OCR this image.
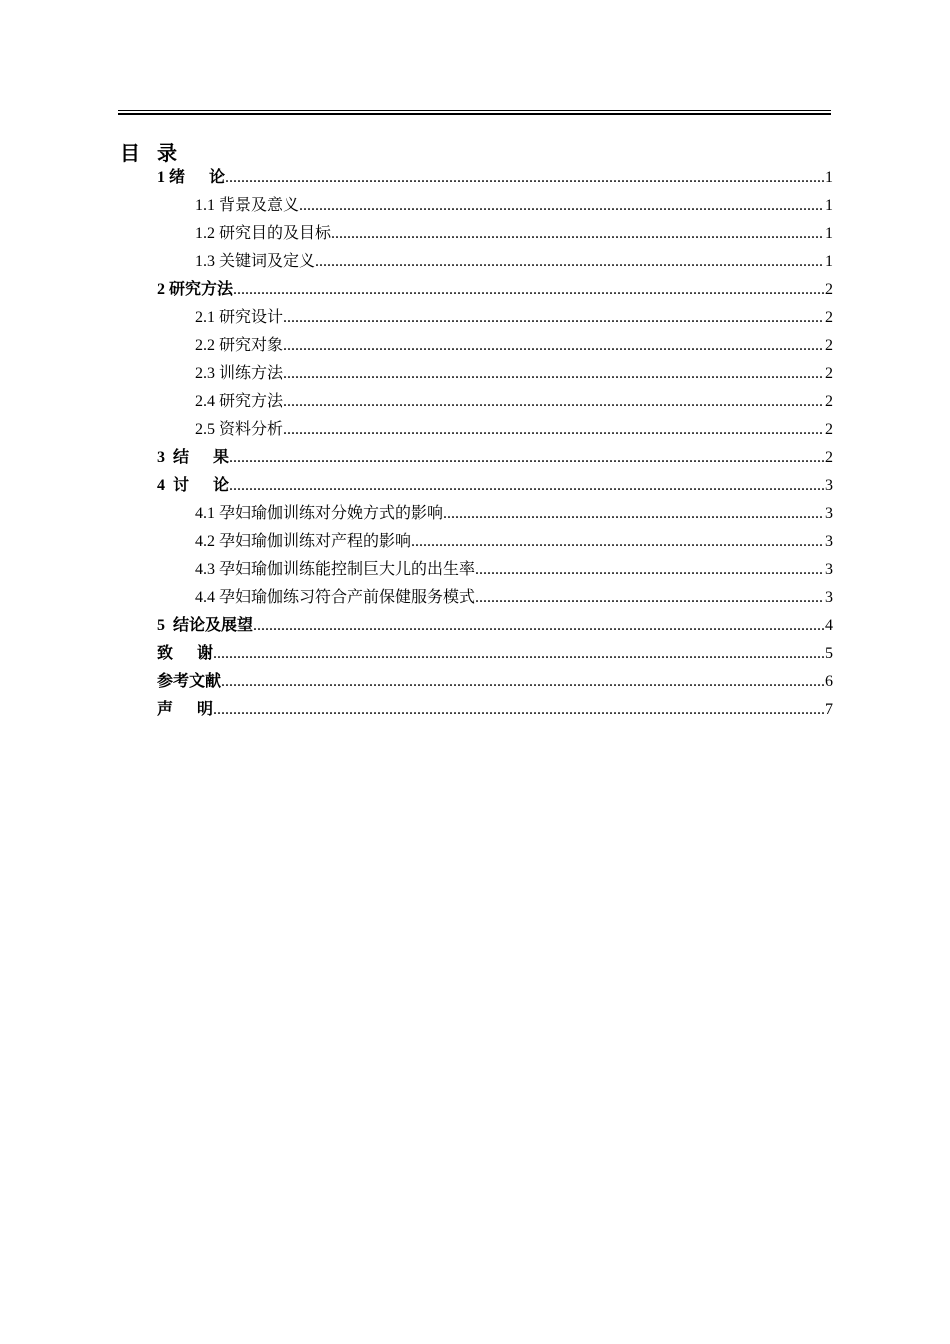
目 录
1 绪      论 .....	1
1.1 背景及意义 .....	1
1.2 研究目的及目标 .....	1
1.3 关键词及定义 .....	1
2 研究方法 .....	2
2.1 研究设计 .....	2
2.2 研究对象 .....	2
2.3 训练方法 .....	2
2.4 研究方法 .....	2
2.5 资料分析 .....	2
3  结      果 .....	2
4  讨      论 .....	3
4.1 孕妇瑜伽训练对分娩方式的影响 .....	3
4.2 孕妇瑜伽训练对产程的影响 .....	3
4.3 孕妇瑜伽训练能控制巨大儿的出生率 .....	3
4.4 孕妇瑜伽练习符合产前保健服务模式 .....	3
5  结论及展望 .....	4
致      谢 .....	5
参考文献 .....	6
声      明 .....	7
